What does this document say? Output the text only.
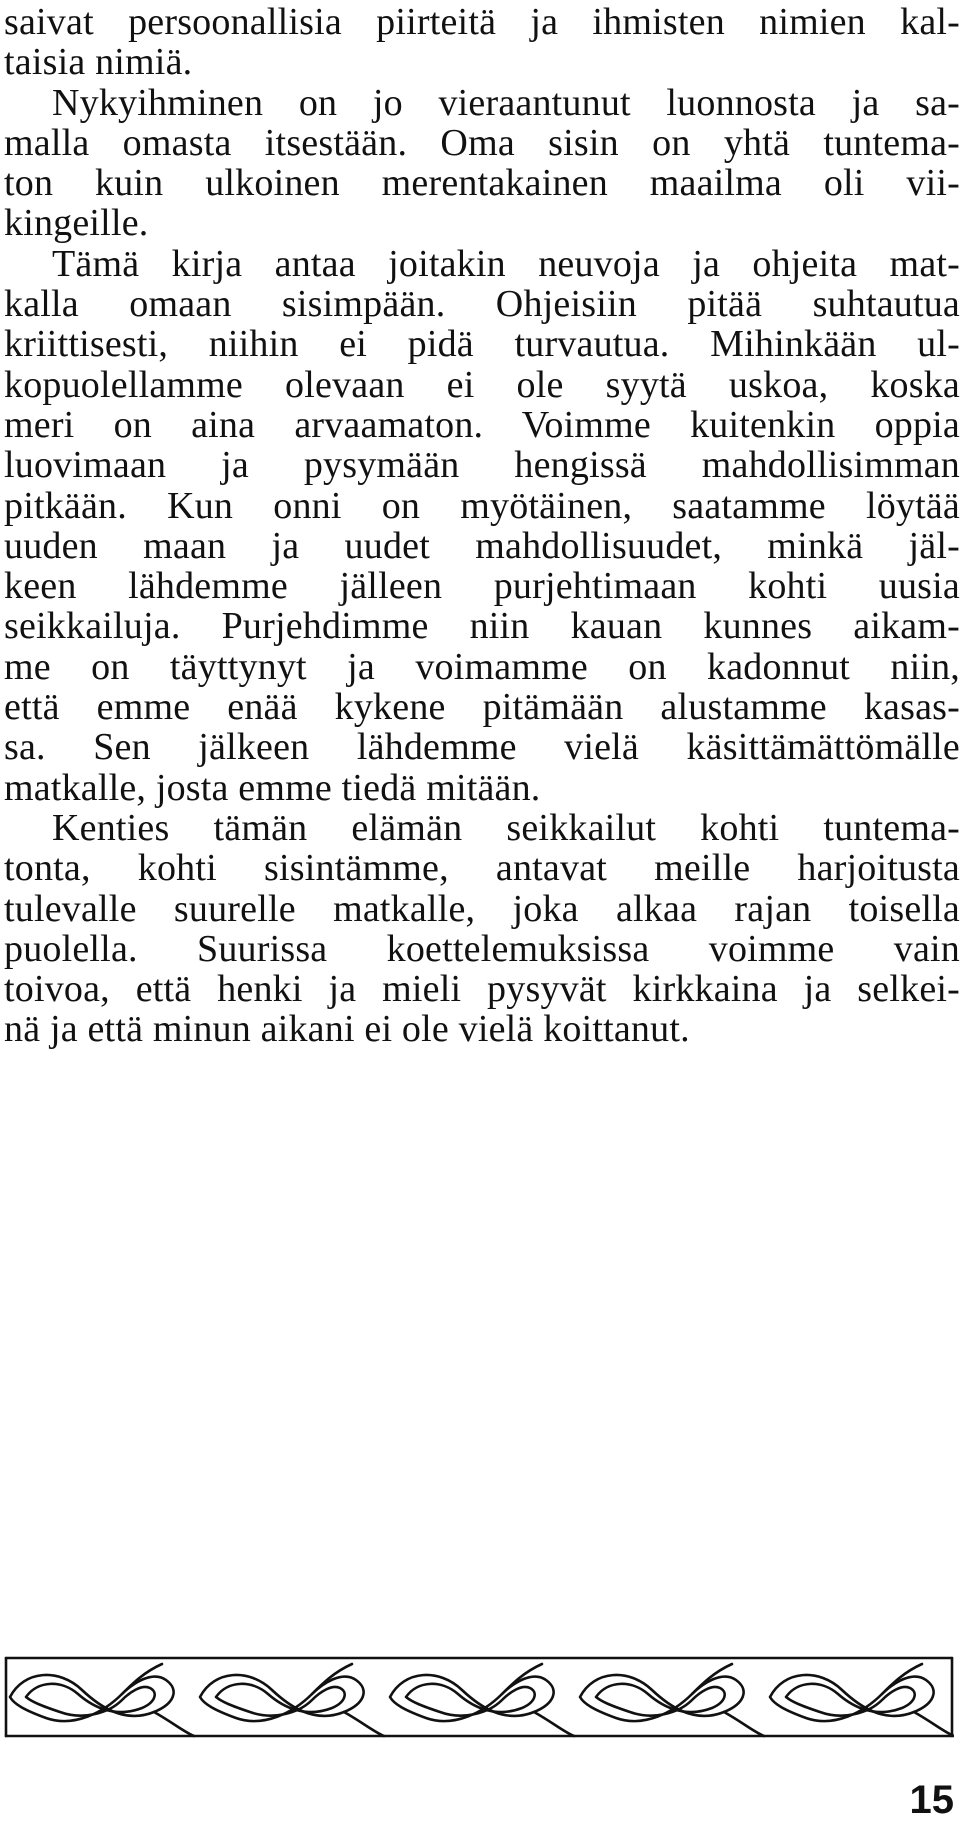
saivat persoonallisia piirteitä ja ihmisten nimien kal-
taisia nimiä.
Nykyihminen on jo vieraantunut luonnosta ja sa-
malla omasta itsestään. Oma sisin on yhtä tuntema-
ton kuin ulkoinen merentakainen maailma oli vii-
kingeille.
Tämä kirja antaa joitakin neuvoja ja ohjeita mat-
kalla omaan sisimpään. Ohjeisiin pitää suhtautua
kriittisesti, niihin ei pidä turvautua. Mihinkään ul-
kopuolellamme olevaan ei ole syytä uskoa, koska
meri on aina arvaamaton. Voimme kuitenkin oppia
luovimaan ja pysymään hengissä mahdollisimman
pitkään. Kun onni on myötäinen, saatamme löytää
uuden maan ja uudet mahdollisuudet, minkä jäl-
keen lähdemme jälleen purjehtimaan kohti uusia
seikkailuja. Purjehdimme niin kauan kunnes aikam-
me on täyttynyt ja voimamme on kadonnut niin,
että emme enää kykene pitämään alustamme kasas-
sa. Sen jälkeen lähdemme vielä käsittämättömälle
matkalle, josta emme tiedä mitään.
Kenties tämän elämän seikkailut kohti tuntema-
tonta, kohti sisintämme, antavat meille harjoitusta
tulevalle suurelle matkalle, joka alkaa rajan toisella
puolella. Suurissa koettelemuksissa voimme vain
toivoa, että henki ja mieli pysyvät kirkkaina ja selkei-
nä ja että minun aikani ei ole vielä koittanut.
15
